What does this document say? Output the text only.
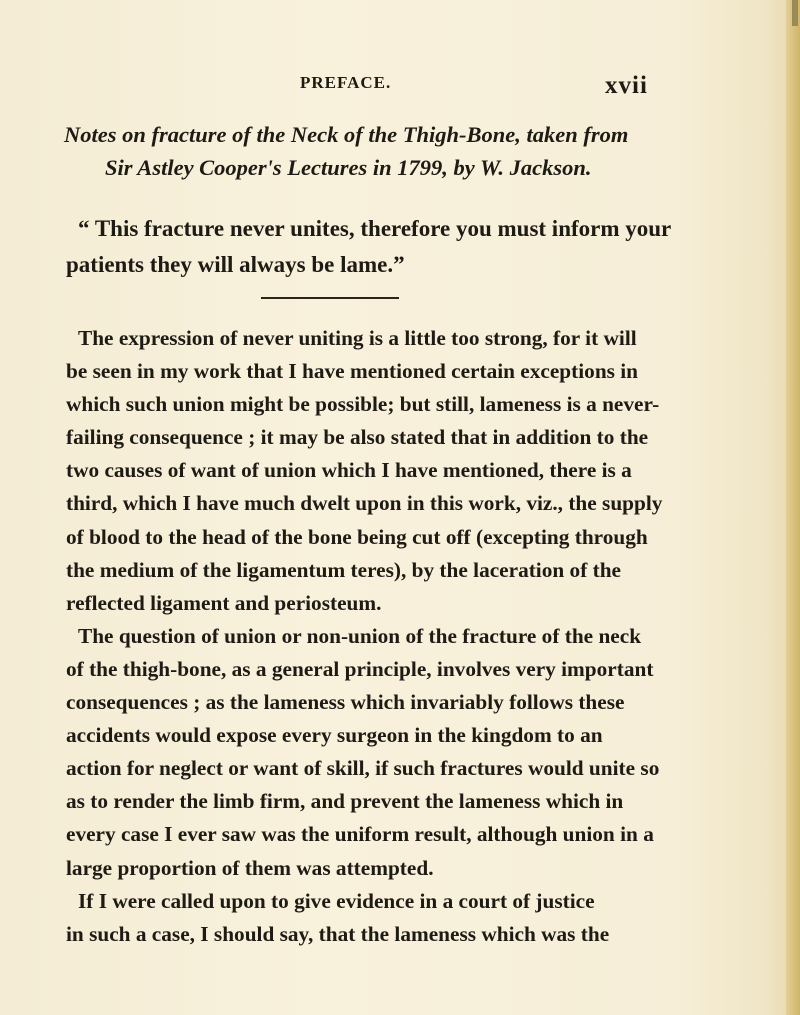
PREFACE.	xvii
Notes on fracture of the Neck of the Thigh-Bone, taken from
Sir Astley Cooper's Lectures in 1799, by W. Jackson.
“ This fracture never unites, therefore you must inform your
patients they will always be lame.”
The expression of never uniting is a little too strong, for it will
be seen in my work that I have mentioned certain exceptions in
which such union might be possible; but still, lameness is a never-
failing consequence ; it may be also stated that in addition to the
two causes of want of union which I have mentioned, there is a
third, which I have much dwelt upon in this work, viz., the supply
of blood to the head of the bone being cut off (excepting through
the medium of the ligamentum teres), by the laceration of the
reflected ligament and periosteum.
The question of union or non-union of the fracture of the neck
of the thigh-bone, as a general principle, involves very important
consequences ; as the lameness which invariably follows these
accidents would expose every surgeon in the kingdom to an
action for neglect or want of skill, if such fractures would unite so
as to render the limb firm, and prevent the lameness which in
every case I ever saw was the uniform result, although union in a
large proportion of them was attempted.
If I were called upon to give evidence in a court of justice
in such a case, I should say, that the lameness which was the
